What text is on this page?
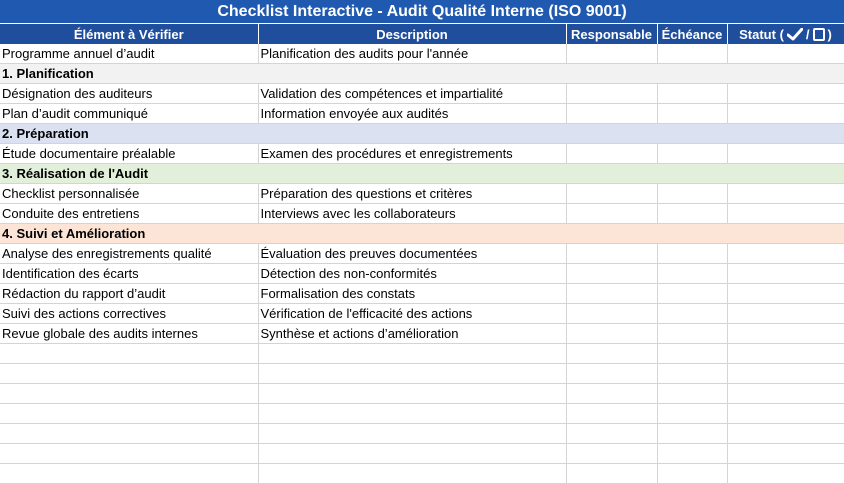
Checklist Interactive - Audit Qualité Interne (ISO 9001)
Élément à Vérifier	Description	Responsable	Échéance	Statut ( / )

Programme annuel d’audit	Planification des audits pour l'année			
1. Planification				
Désignation des auditeurs	Validation des compétences et impartialité			
Plan d’audit communiqué	Information envoyée aux audités			
2. Préparation				
Étude documentaire préalable	Examen des procédures et enregistrements			
3. Réalisation de l'Audit				
Checklist personnalisée	Préparation des questions et critères			
Conduite des entretiens	Interviews avec les collaborateurs			
4. Suivi et Amélioration				
Analyse des enregistrements qualité	Évaluation des preuves documentées			
Identification des écarts	Détection des non-conformités			
Rédaction du rapport d’audit	Formalisation des constats			
Suivi des actions correctives	Vérification de l'efficacité des actions			
Revue globale des audits internes	Synthèse et actions d’amélioration			
